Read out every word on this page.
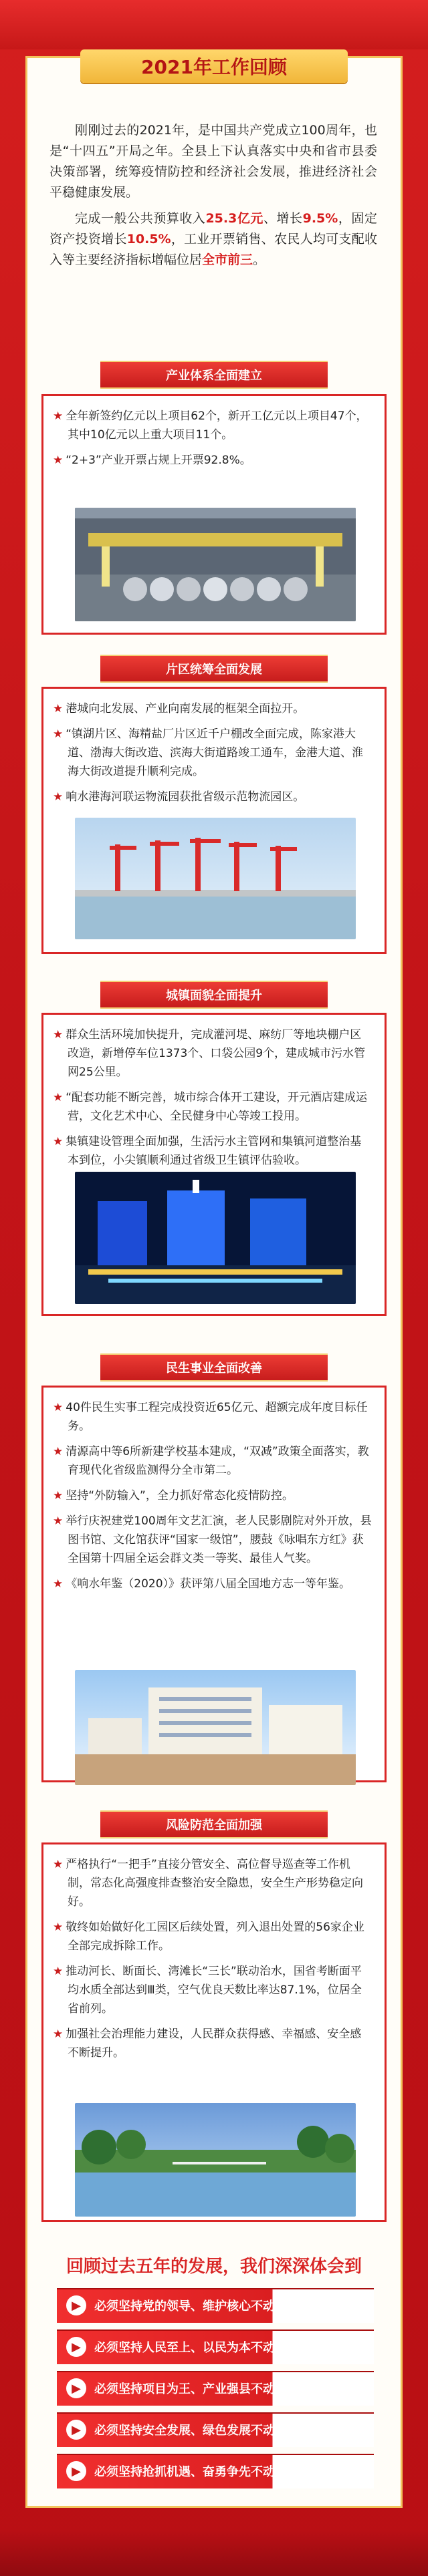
2021年工作回顾

刚刚过去的2021年，是中国共产党成立100周年，也是“十四五”开局之年。全县上下认真落实中央和省市县委决策部署，统筹疫情防控和经济社会发展，推进经济社会平稳健康发展。

完成一般公共预算收入25.3亿元、增长9.5%，固定资产投资增长10.5%，工业开票销售、农民人均可支配收入等主要经济指标增幅位居全市前三。

产业体系全面建立
★ 全年新签约亿元以上项目62个，新开工亿元以上项目47个，其中10亿元以上重大项目11个。
★ “2+3”产业开票占规上开票92.8%。
片区统筹全面发展
★ 港城向北发展、产业向南发展的框架全面拉开。
★ “镇湖片区、海精盐厂片区近千户棚改全面完成，陈家港大道、渤海大街改造、滨海大街道路竣工通车，金港大道、淮海大街改道提升顺利完成。
★ 响水港海河联运物流园获批省级示范物流园区。
城镇面貌全面提升
★ 群众生活环境加快提升，完成灌河堤、麻纺厂等地块棚户区改造，新增停车位1373个、口袋公园9个，建成城市污水管网25公里。
★ “配套功能不断完善，城市综合体开工建设，开元酒店建成运营，文化艺术中心、全民健身中心等竣工投用。
★ 集镇建设管理全面加强，生活污水主管网和集镇河道整治基本到位，小尖镇顺利通过省级卫生镇评估验收。
民生事业全面改善
★ 40件民生实事工程完成投资近65亿元、超额完成年度目标任务。
★ 清源高中等6所新建学校基本建成，“双减”政策全面落实，教育现代化省级监测得分全市第二。
★ 坚持“外防输入”，全力抓好常态化疫情防控。
★ 举行庆祝建党100周年文艺汇演，老人民影剧院对外开放，县图书馆、文化馆获评“国家一级馆”，腰鼓《咏唱东方红》获全国第十四届全运会群文类一等奖、最佳人气奖。
★ 《响水年鉴（2020）》获评第八届全国地方志一等年鉴。
风险防范全面加强
★ 严格执行“一把手”直接分管安全、高位督导巡查等工作机制，常态化高强度排查整治安全隐患，安全生产形势稳定向好。
★ 敬终如始做好化工园区后续处置，列入退出处置的56家企业全部完成拆除工作。
★ 推动河长、断面长、湾滩长“三长”联动治水，国省考断面平均水质全部达到Ⅲ类，空气优良天数比率达87.1%，位居全省前列。
★ 加强社会治理能力建设，人民群众获得感、幸福感、安全感不断提升。
回顾过去五年的发展，我们深深体会到
▶	必须坚持党的领导、维护核心不动摇。
▶	必须坚持人民至上、以民为本不动摇。
▶	必须坚持项目为王、产业强县不动摇。
▶	必须坚持安全发展、绿色发展不动摇。
▶	必须坚持抢抓机遇、奋勇争先不动摇。
